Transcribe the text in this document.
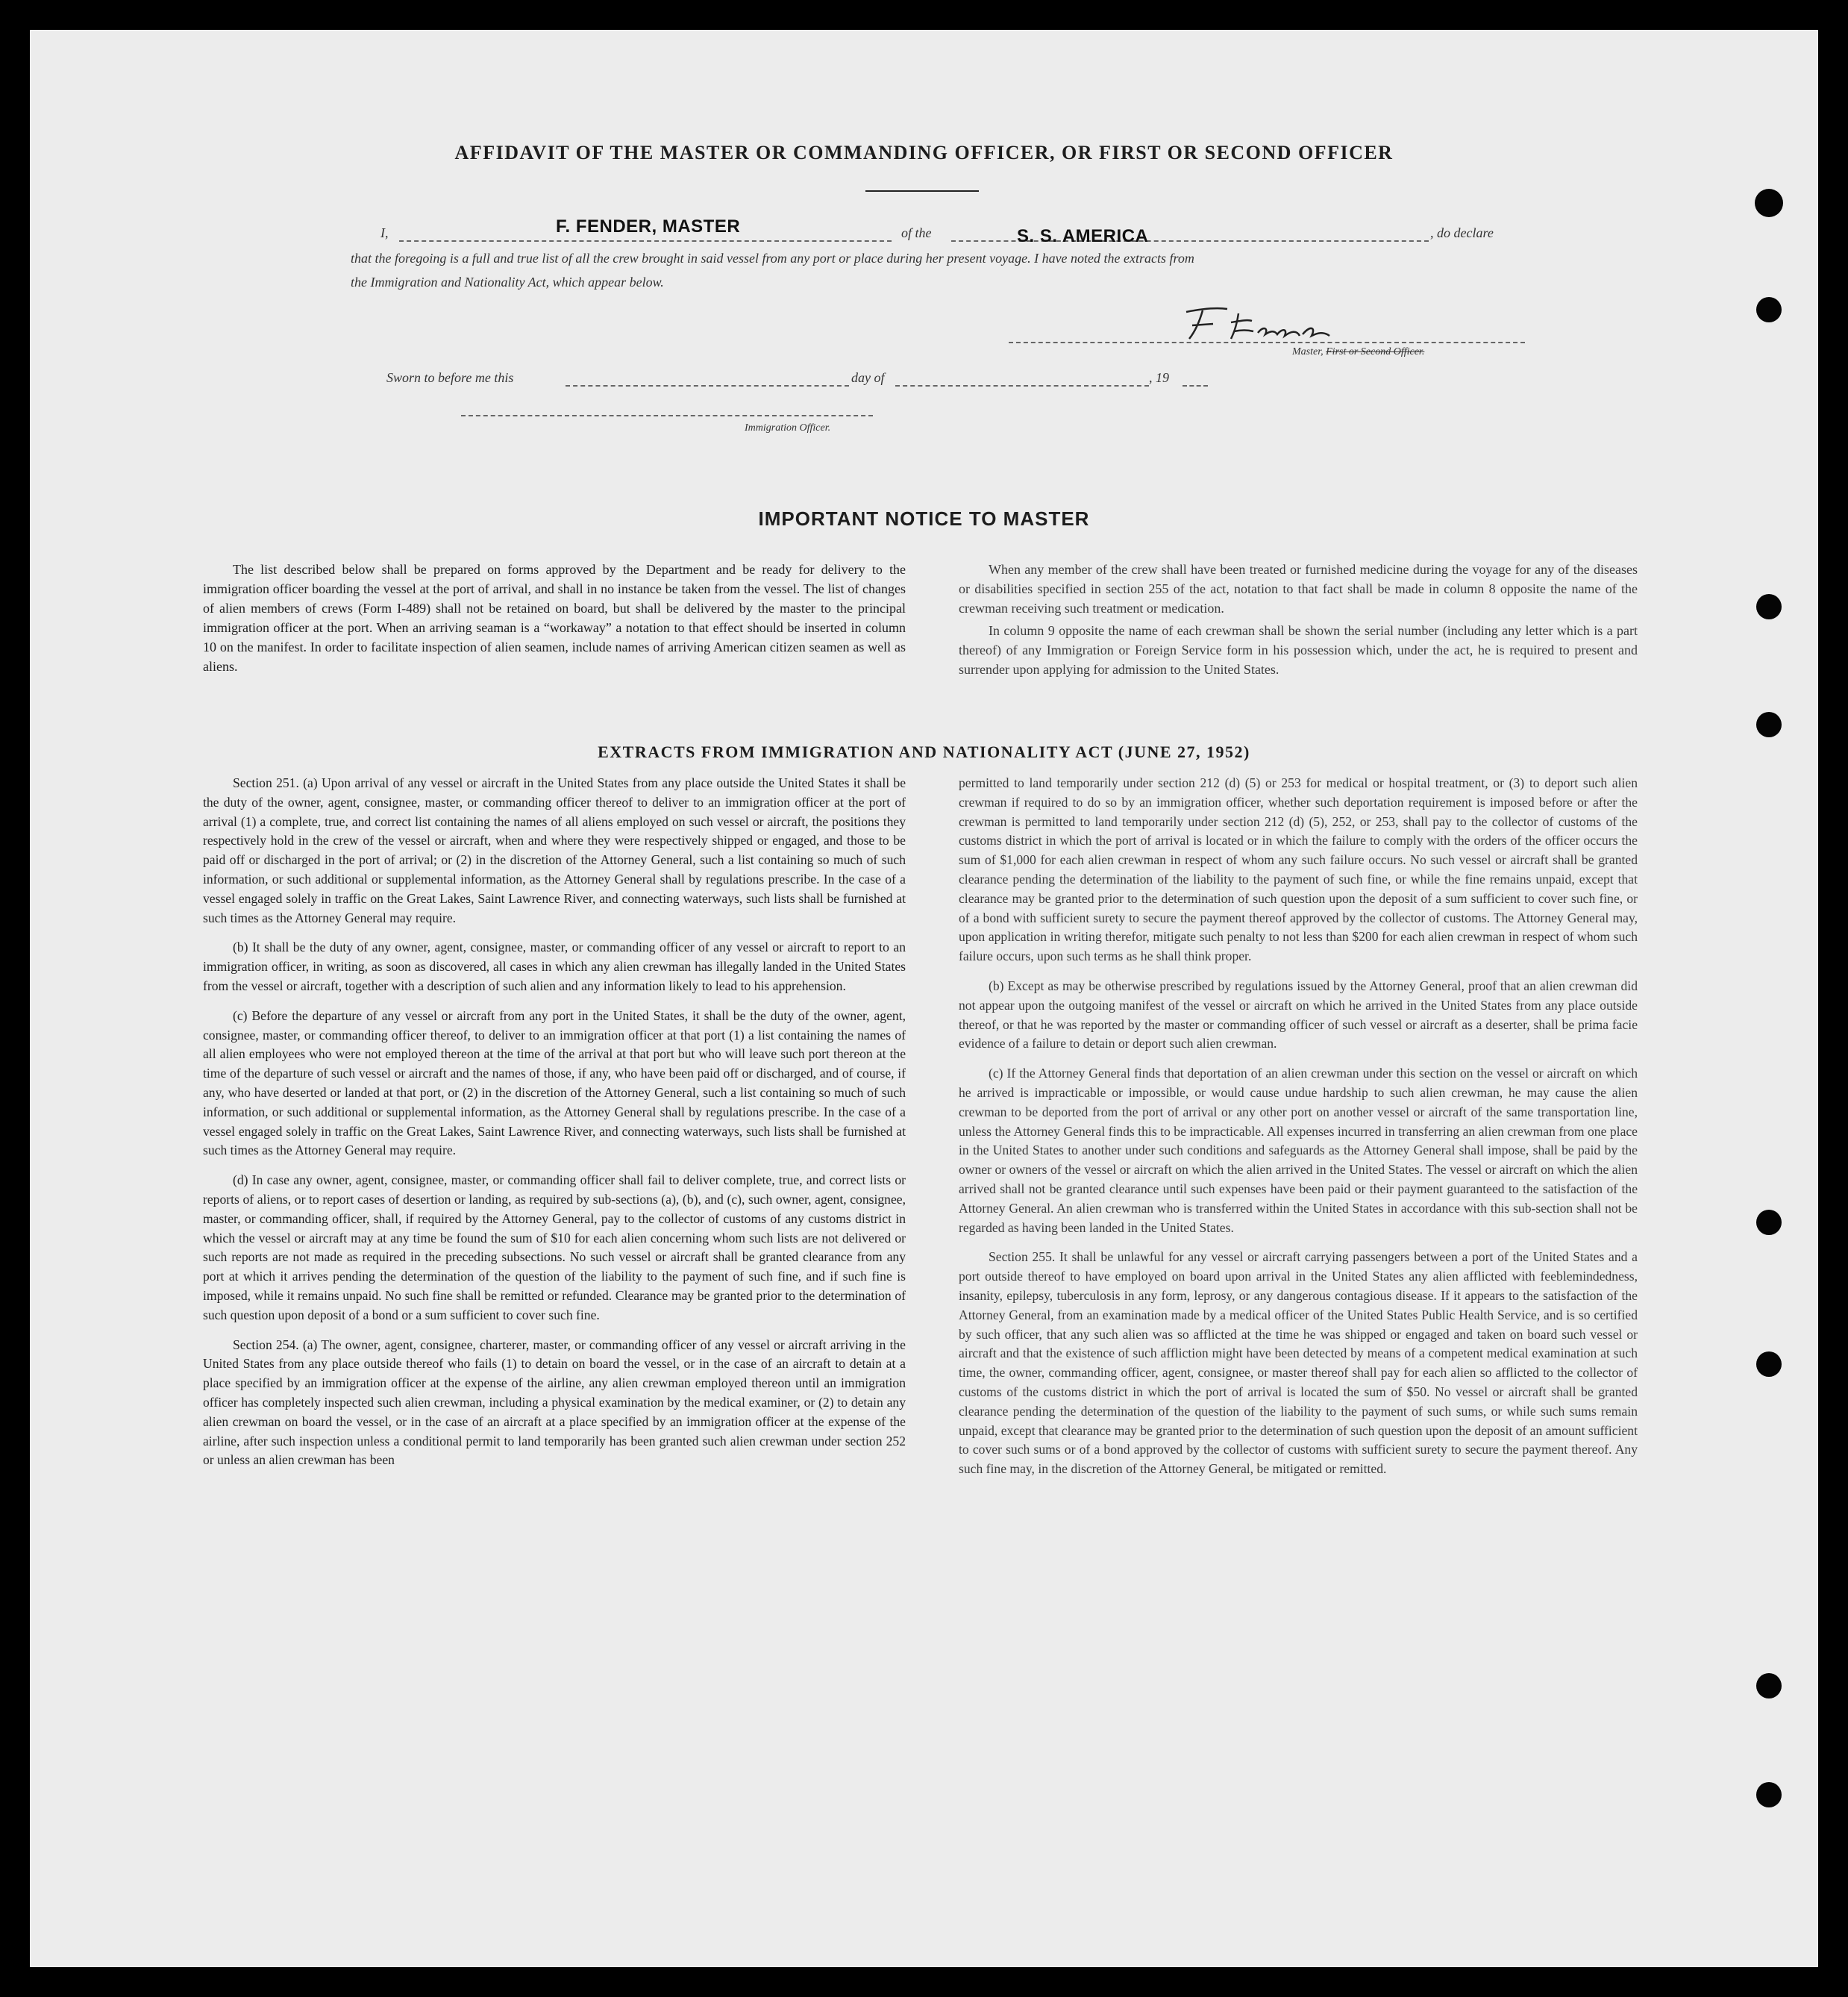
AFFIDAVIT OF THE MASTER OR COMMANDING OFFICER, OR FIRST OR SECOND OFFICER
I,	F. FENDER, MASTER	of the	S. S. AMERICA	, do declare
that the foregoing is a full and true list of all the crew brought in said vessel from any port or place during her present voyage. I have noted the extracts from
the Immigration and Nationality Act, which appear below.
Master, First or Second Officer.
Sworn to before me this	day of	, 19
Immigration Officer.
IMPORTANT NOTICE TO MASTER

The list described below shall be prepared on forms approved by the Department and be ready for delivery to the immigration officer boarding the vessel at the port of arrival, and shall in no instance be taken from the vessel. The list of changes of alien members of crews (Form I-489) shall not be retained on board, but shall be delivered by the master to the principal immigration officer at the port. When an arriving seaman is a “workaway” a notation to that effect should be inserted in column 10 on the manifest. In order to facilitate inspection of alien seamen, include names of arriving American citizen seamen as well as aliens.

When any member of the crew shall have been treated or furnished medicine during the voyage for any of the diseases or disabilities specified in section 255 of the act, notation to that fact shall be made in column 8 opposite the name of the crewman receiving such treatment or medication.

In column 9 opposite the name of each crewman shall be shown the serial number (including any letter which is a part thereof) of any Immigration or Foreign Service form in his possession which, under the act, he is required to present and surrender upon applying for admission to the United States.

EXTRACTS FROM IMMIGRATION AND NATIONALITY ACT (JUNE 27, 1952)

Section 251. (a) Upon arrival of any vessel or aircraft in the United States from any place outside the United States it shall be the duty of the owner, agent, consignee, master, or commanding officer thereof to deliver to an immigration officer at the port of arrival (1) a complete, true, and correct list containing the names of all aliens employed on such vessel or aircraft, the positions they respectively hold in the crew of the vessel or aircraft, when and where they were respectively shipped or engaged, and those to be paid off or discharged in the port of arrival; or (2) in the discretion of the Attorney General, such a list containing so much of such information, or such additional or supplemental information, as the Attorney General shall by regulations prescribe. In the case of a vessel engaged solely in traffic on the Great Lakes, Saint Lawrence River, and connecting waterways, such lists shall be furnished at such times as the Attorney General may require.

(b) It shall be the duty of any owner, agent, consignee, master, or commanding officer of any vessel or aircraft to report to an immigration officer, in writing, as soon as discovered, all cases in which any alien crewman has illegally landed in the United States from the vessel or aircraft, together with a description of such alien and any information likely to lead to his apprehension.

(c) Before the departure of any vessel or aircraft from any port in the United States, it shall be the duty of the owner, agent, consignee, master, or commanding officer thereof, to deliver to an immigration officer at that port (1) a list containing the names of all alien employees who were not employed thereon at the time of the arrival at that port but who will leave such port thereon at the time of the departure of such vessel or aircraft and the names of those, if any, who have been paid off or discharged, and of course, if any, who have deserted or landed at that port, or (2) in the discretion of the Attorney General, such a list containing so much of such information, or such additional or supplemental information, as the Attorney General shall by regulations prescribe. In the case of a vessel engaged solely in traffic on the Great Lakes, Saint Lawrence River, and connecting waterways, such lists shall be furnished at such times as the Attorney General may require.

(d) In case any owner, agent, consignee, master, or commanding officer shall fail to deliver complete, true, and correct lists or reports of aliens, or to report cases of desertion or landing, as required by sub-sections (a), (b), and (c), such owner, agent, consignee, master, or commanding officer, shall, if required by the Attorney General, pay to the collector of customs of any customs district in which the vessel or aircraft may at any time be found the sum of $10 for each alien concerning whom such lists are not delivered or such reports are not made as required in the preceding subsections. No such vessel or aircraft shall be granted clearance from any port at which it arrives pending the determination of the question of the liability to the payment of such fine, and if such fine is imposed, while it remains unpaid. No such fine shall be remitted or refunded. Clearance may be granted prior to the determination of such question upon deposit of a bond or a sum sufficient to cover such fine.

Section 254. (a) The owner, agent, consignee, charterer, master, or commanding officer of any vessel or aircraft arriving in the United States from any place outside thereof who fails (1) to detain on board the vessel, or in the case of an aircraft to detain at a place specified by an immigration officer at the expense of the airline, any alien crewman employed thereon until an immigration officer has completely inspected such alien crewman, including a physical examination by the medical examiner, or (2) to detain any alien crewman on board the vessel, or in the case of an aircraft at a place specified by an immigration officer at the expense of the airline, after such inspection unless a conditional permit to land temporarily has been granted such alien crewman under section 252 or unless an alien crewman has been

permitted to land temporarily under section 212 (d) (5) or 253 for medical or hospital treatment, or (3) to deport such alien crewman if required to do so by an immigration officer, whether such deportation requirement is imposed before or after the crewman is permitted to land temporarily under section 212 (d) (5), 252, or 253, shall pay to the collector of customs of the customs district in which the port of arrival is located or in which the failure to comply with the orders of the officer occurs the sum of $1,000 for each alien crewman in respect of whom any such failure occurs. No such vessel or aircraft shall be granted clearance pending the determination of the liability to the payment of such fine, or while the fine remains unpaid, except that clearance may be granted prior to the determination of such question upon the deposit of a sum sufficient to cover such fine, or of a bond with sufficient surety to secure the payment thereof approved by the collector of customs. The Attorney General may, upon application in writing therefor, mitigate such penalty to not less than $200 for each alien crewman in respect of whom such failure occurs, upon such terms as he shall think proper.

(b) Except as may be otherwise prescribed by regulations issued by the Attorney General, proof that an alien crewman did not appear upon the outgoing manifest of the vessel or aircraft on which he arrived in the United States from any place outside thereof, or that he was reported by the master or commanding officer of such vessel or aircraft as a deserter, shall be prima facie evidence of a failure to detain or deport such alien crewman.

(c) If the Attorney General finds that deportation of an alien crewman under this section on the vessel or aircraft on which he arrived is impracticable or impossible, or would cause undue hardship to such alien crewman, he may cause the alien crewman to be deported from the port of arrival or any other port on another vessel or aircraft of the same transportation line, unless the Attorney General finds this to be impracticable. All expenses incurred in transferring an alien crewman from one place in the United States to another under such conditions and safeguards as the Attorney General shall impose, shall be paid by the owner or owners of the vessel or aircraft on which the alien arrived in the United States. The vessel or aircraft on which the alien arrived shall not be granted clearance until such expenses have been paid or their payment guaranteed to the satisfaction of the Attorney General. An alien crewman who is transferred within the United States in accordance with this sub-section shall not be regarded as having been landed in the United States.

Section 255. It shall be unlawful for any vessel or aircraft carrying passengers between a port of the United States and a port outside thereof to have employed on board upon arrival in the United States any alien afflicted with feeblemindedness, insanity, epilepsy, tuberculosis in any form, leprosy, or any dangerous contagious disease. If it appears to the satisfaction of the Attorney General, from an examination made by a medical officer of the United States Public Health Service, and is so certified by such officer, that any such alien was so afflicted at the time he was shipped or engaged and taken on board such vessel or aircraft and that the existence of such affliction might have been detected by means of a competent medical examination at such time, the owner, commanding officer, agent, consignee, or master thereof shall pay for each alien so afflicted to the collector of customs of the customs district in which the port of arrival is located the sum of $50. No vessel or aircraft shall be granted clearance pending the determination of the question of the liability to the payment of such sums, or while such sums remain unpaid, except that clearance may be granted prior to the determination of such question upon the deposit of an amount sufficient to cover such sums or of a bond approved by the collector of customs with sufficient surety to secure the payment thereof. Any such fine may, in the discretion of the Attorney General, be mitigated or remitted.
